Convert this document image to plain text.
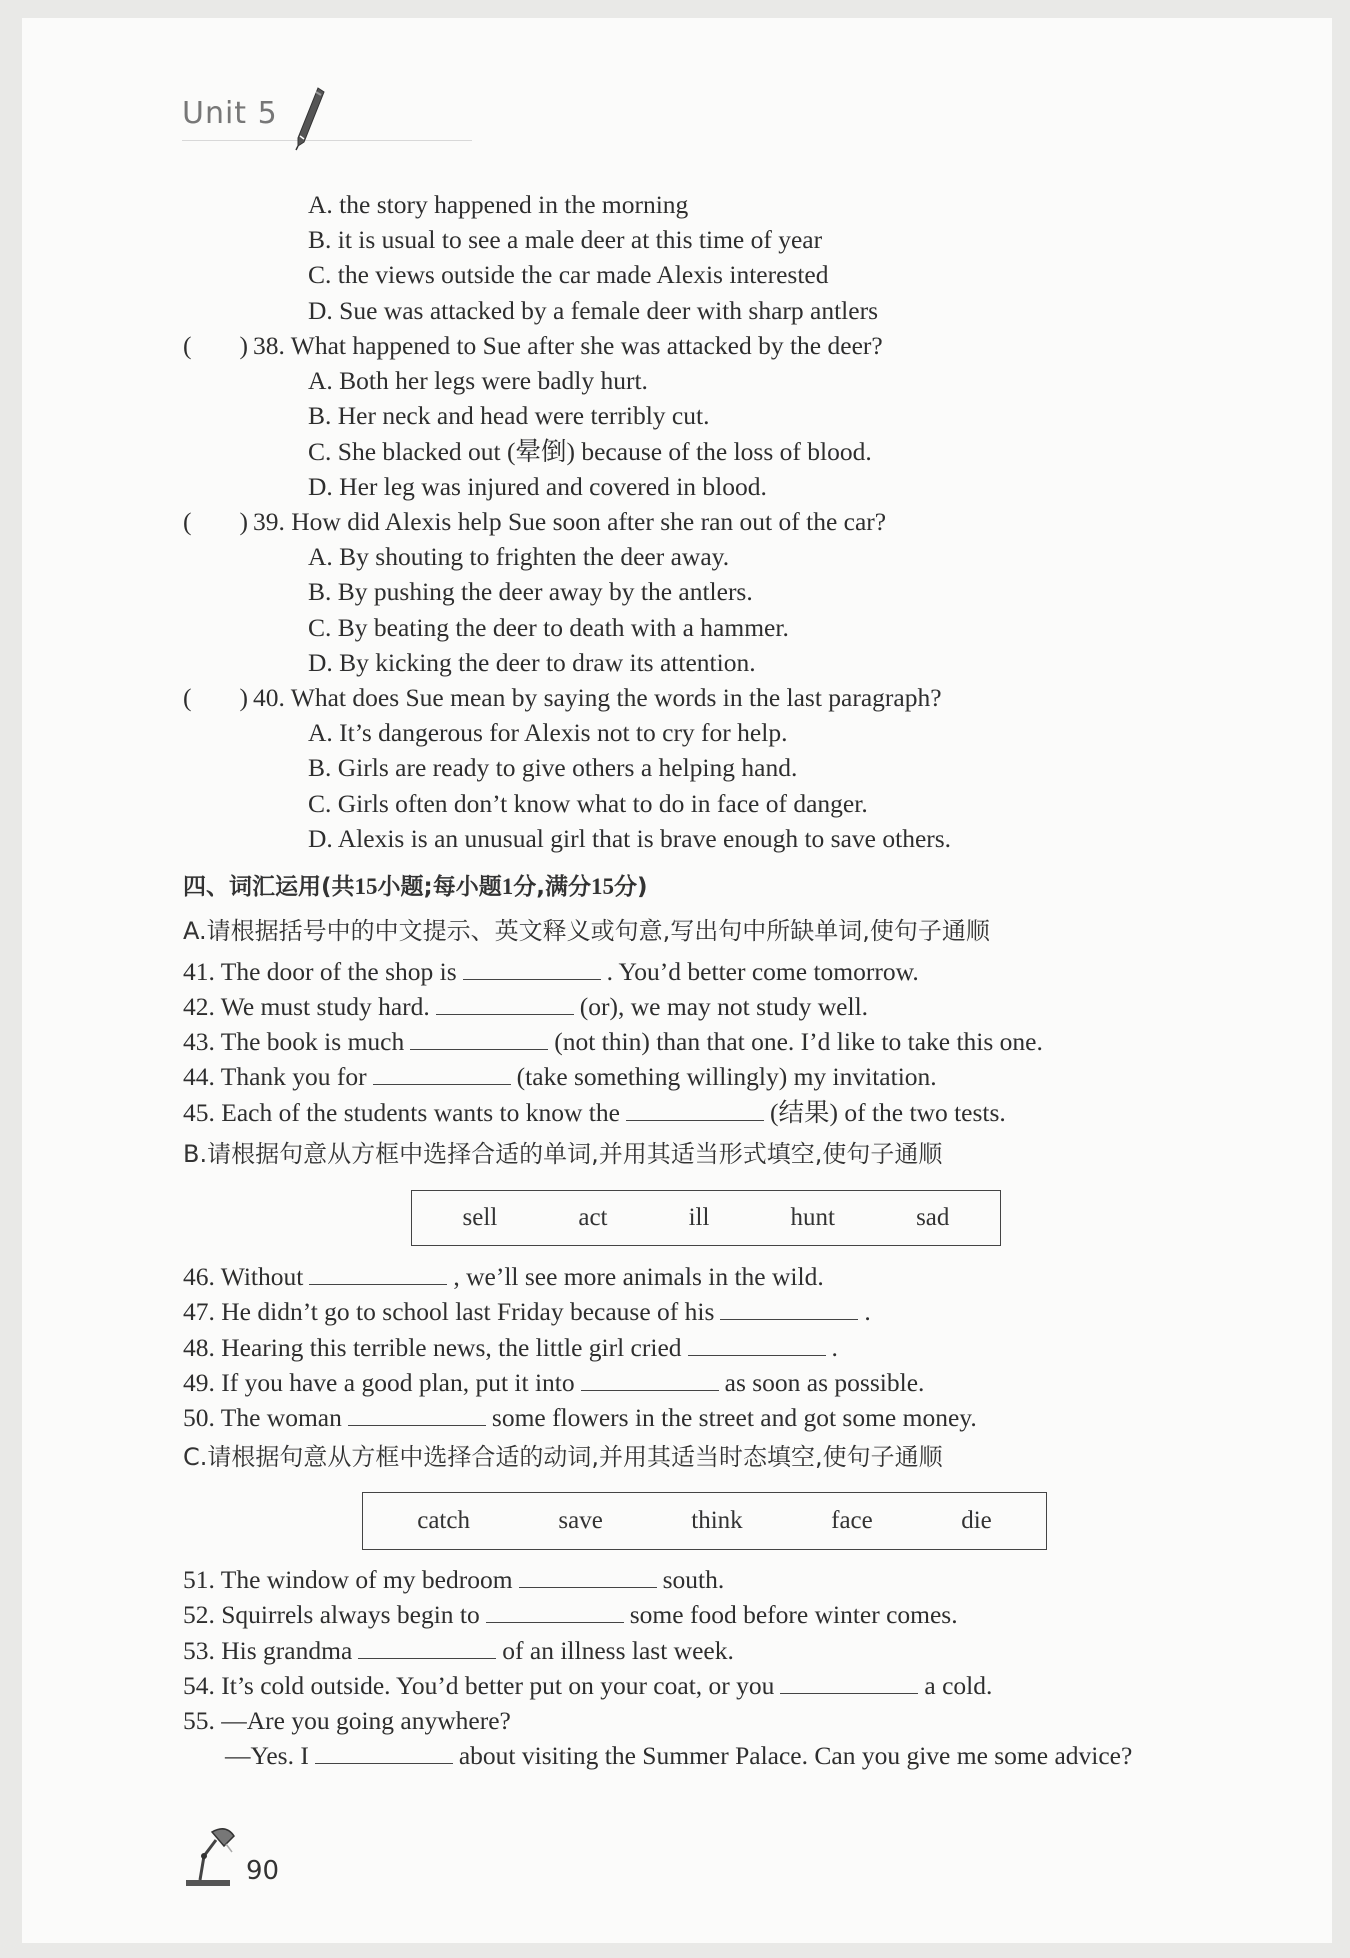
Unit 5
A. the story happened in the morning
B. it is usual to see a male deer at this time of year
C. the views outside the car made Alexis interested
D. Sue was attacked by a female deer with sharp antlers
( ) 38. What happened to Sue after she was attacked by the deer?
A. Both her legs were badly hurt.
B. Her neck and head were terribly cut.
C. She blacked out (晕倒) because of the loss of blood.
D. Her leg was injured and covered in blood.
( ) 39. How did Alexis help Sue soon after she ran out of the car?
A. By shouting to frighten the deer away.
B. By pushing the deer away by the antlers.
C. By beating the deer to death with a hammer.
D. By kicking the deer to draw its attention.
( ) 40. What does Sue mean by saying the words in the last paragraph?
A. It’s dangerous for Alexis not to cry for help.
B. Girls are ready to give others a helping hand.
C. Girls often don’t know what to do in face of danger.
D. Alexis is an unusual girl that is brave enough to save others.
四、词汇运用(共15小题;每小题1分,满分15分)
A.请根据括号中的中文提示、英文释义或句意,写出句中所缺单词,使句子通顺
41. The door of the shop is	. You’d better come tomorrow.
42. We must study hard.	(or), we may not study well.
43. The book is much	(not thin) than that one. I’d like to take this one.
44. Thank you for	(take something willingly) my invitation.
45. Each of the students wants to know the	(结果) of the two tests.
B.请根据句意从方框中选择合适的单词,并用其适当形式填空,使句子通顺
sell	act	ill	hunt	sad
46. Without	, we’ll see more animals in the wild.
47. He didn’t go to school last Friday because of his	.
48. Hearing this terrible news, the little girl cried	.
49. If you have a good plan, put it into	as soon as possible.
50. The woman	some flowers in the street and got some money.
C.请根据句意从方框中选择合适的动词,并用其适当时态填空,使句子通顺
catch	save	think	face	die
51. The window of my bedroom	south.
52. Squirrels always begin to	some food before winter comes.
53. His grandma	of an illness last week.
54. It’s cold outside. You’d better put on your coat, or you	a cold.
55. —Are you going anywhere?
—Yes. I	about visiting the Summer Palace. Can you give me some advice?
90
